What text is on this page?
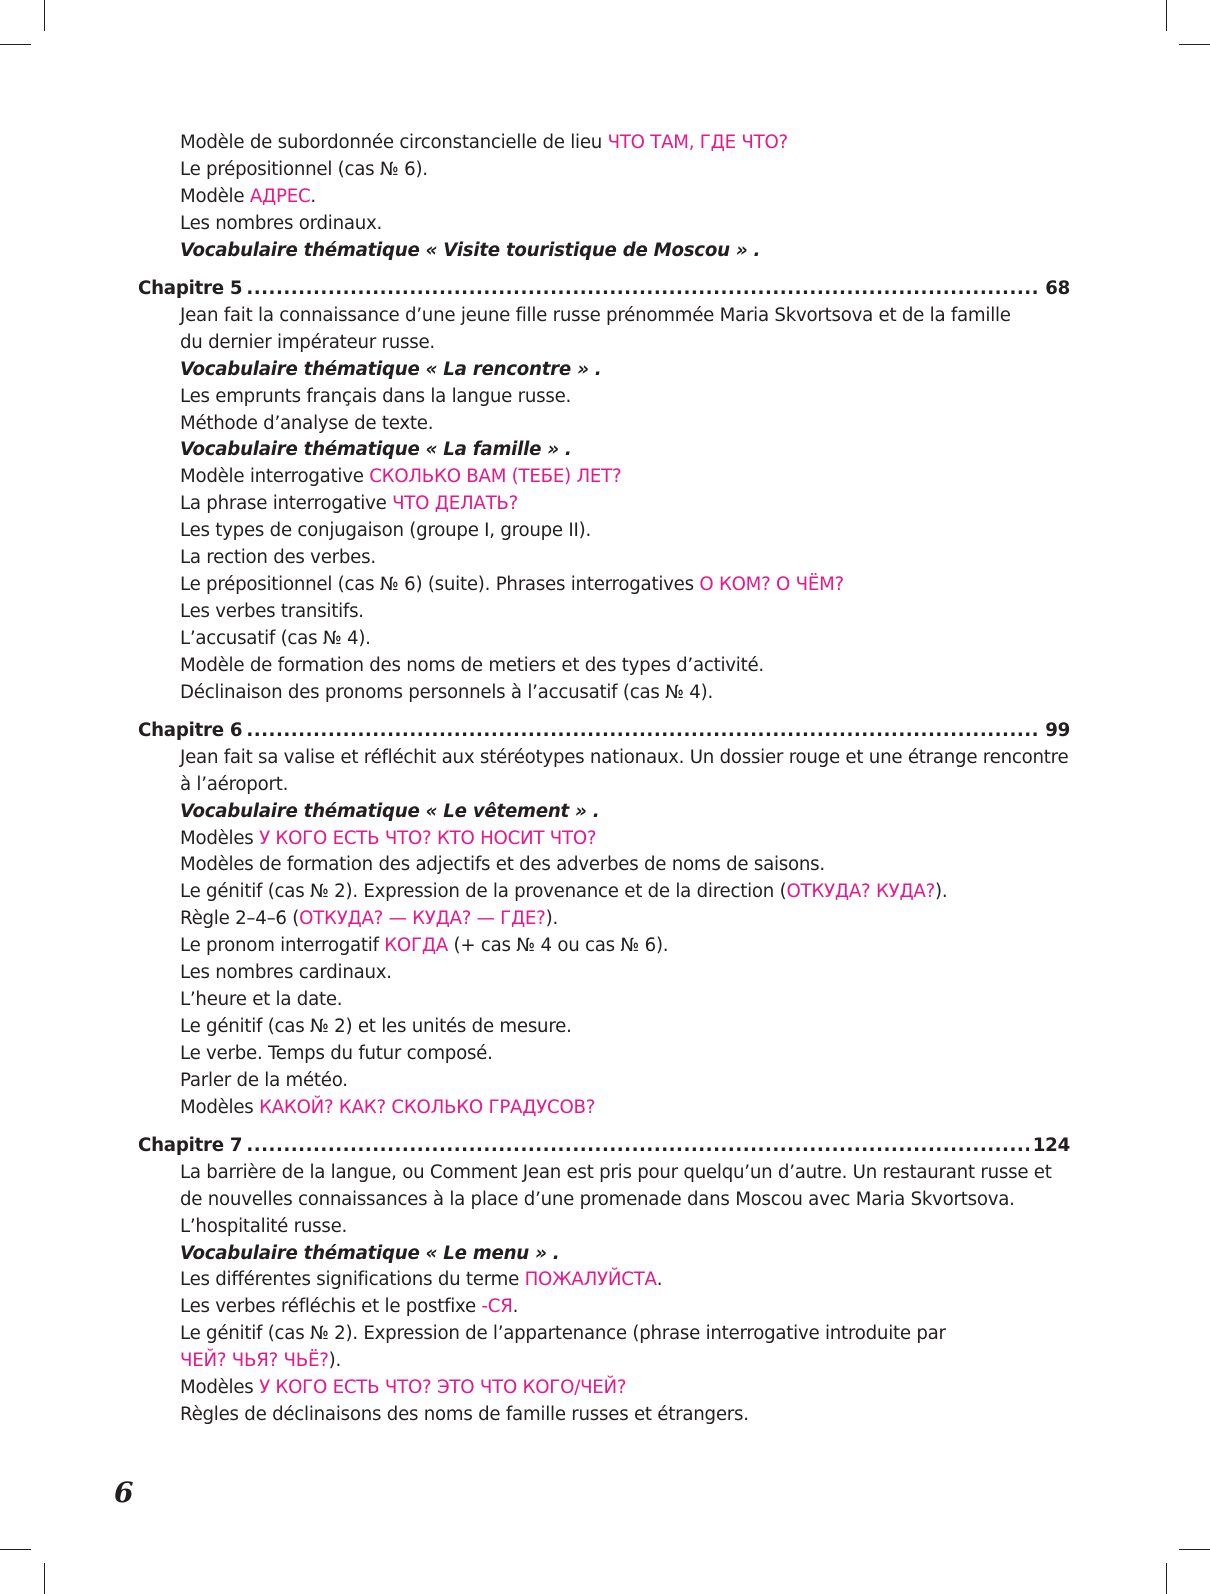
Modèle de subordonnée circonstancielle de lieu ЧТО ТАМ, ГДЕ ЧТО?
Le prépositionnel (cas № 6).
Modèle АДРЕС.
Les nombres ordinaux.
Vocabulaire thématique « Visite touristique de Moscou » .
Chapitre 5 .....	68
Jean fait la connaissance d’une jeune fille russe prénommée Maria Skvortsova et de la famille
du dernier impérateur russe.
Vocabulaire thématique « La rencontre » .
Les emprunts français dans la langue russe.
Méthode d’analyse de texte.
Vocabulaire thématique « La famille » .
Modèle interrogative СКОЛЬКО ВАМ (ТЕБЕ) ЛЕТ?
La phrase interrogative ЧТО ДЕЛАТЬ?
Les types de conjugaison (groupe I, groupe II).
La rection des verbes.
Le prépositionnel (cas № 6) (suite). Phrases interrogatives О КОМ? О ЧЁМ?
Les verbes transitifs.
L’accusatif (cas № 4).
Modèle de formation des noms de metiers et des types d’activité.
Déclinaison des pronoms personnels à l’accusatif (cas № 4).
Chapitre 6 .....	99
Jean fait sa valise et réfléchit aux stéréotypes nationaux. Un dossier rouge et une étrange rencontre
à l’aéroport.
Vocabulaire thématique « Le vêtement » .
Modèles У КОГО ЕСТЬ ЧТО? КТО НОСИТ ЧТО?
Modèles de formation des adjectifs et des adverbes de noms de saisons.
Le génitif (cas № 2). Expression de la provenance et de la direction (ОТКУДА? КУДА?).
Règle 2–4–6 (ОТКУДА? — КУДА? — ГДЕ?).
Le pronom interrogatif КОГДА (+ cas № 4 ou cas № 6).
Les nombres cardinaux.
L’heure et la date.
Le génitif (cas № 2) et les unités de mesure.
Le verbe. Temps du futur composé.
Parler de la météo.
Modèles КАКОЙ? КАК? СКОЛЬКО ГРАДУСОВ?
Chapitre 7 .....	124
La barrière de la langue, ou Comment Jean est pris pour quelqu’un d’autre. Un restaurant russe et
de nouvelles connaissances à la place d’une promenade dans Moscou avec Maria Skvortsova.
L’hospitalité russe.
Vocabulaire thématique « Le menu » .
Les différentes significations du terme ПОЖАЛУЙСТА.
Les verbes réfléchis et le postfixe -СЯ.
Le génitif (cas № 2). Expression de l’appartenance (phrase interrogative introduite par
ЧЕЙ? ЧЬЯ? ЧЬЁ?).
Modèles У КОГО ЕСТЬ ЧТО? ЭТО ЧТО КОГО/ЧЕЙ?
Règles de déclinaisons des noms de famille russes et étrangers.
6
